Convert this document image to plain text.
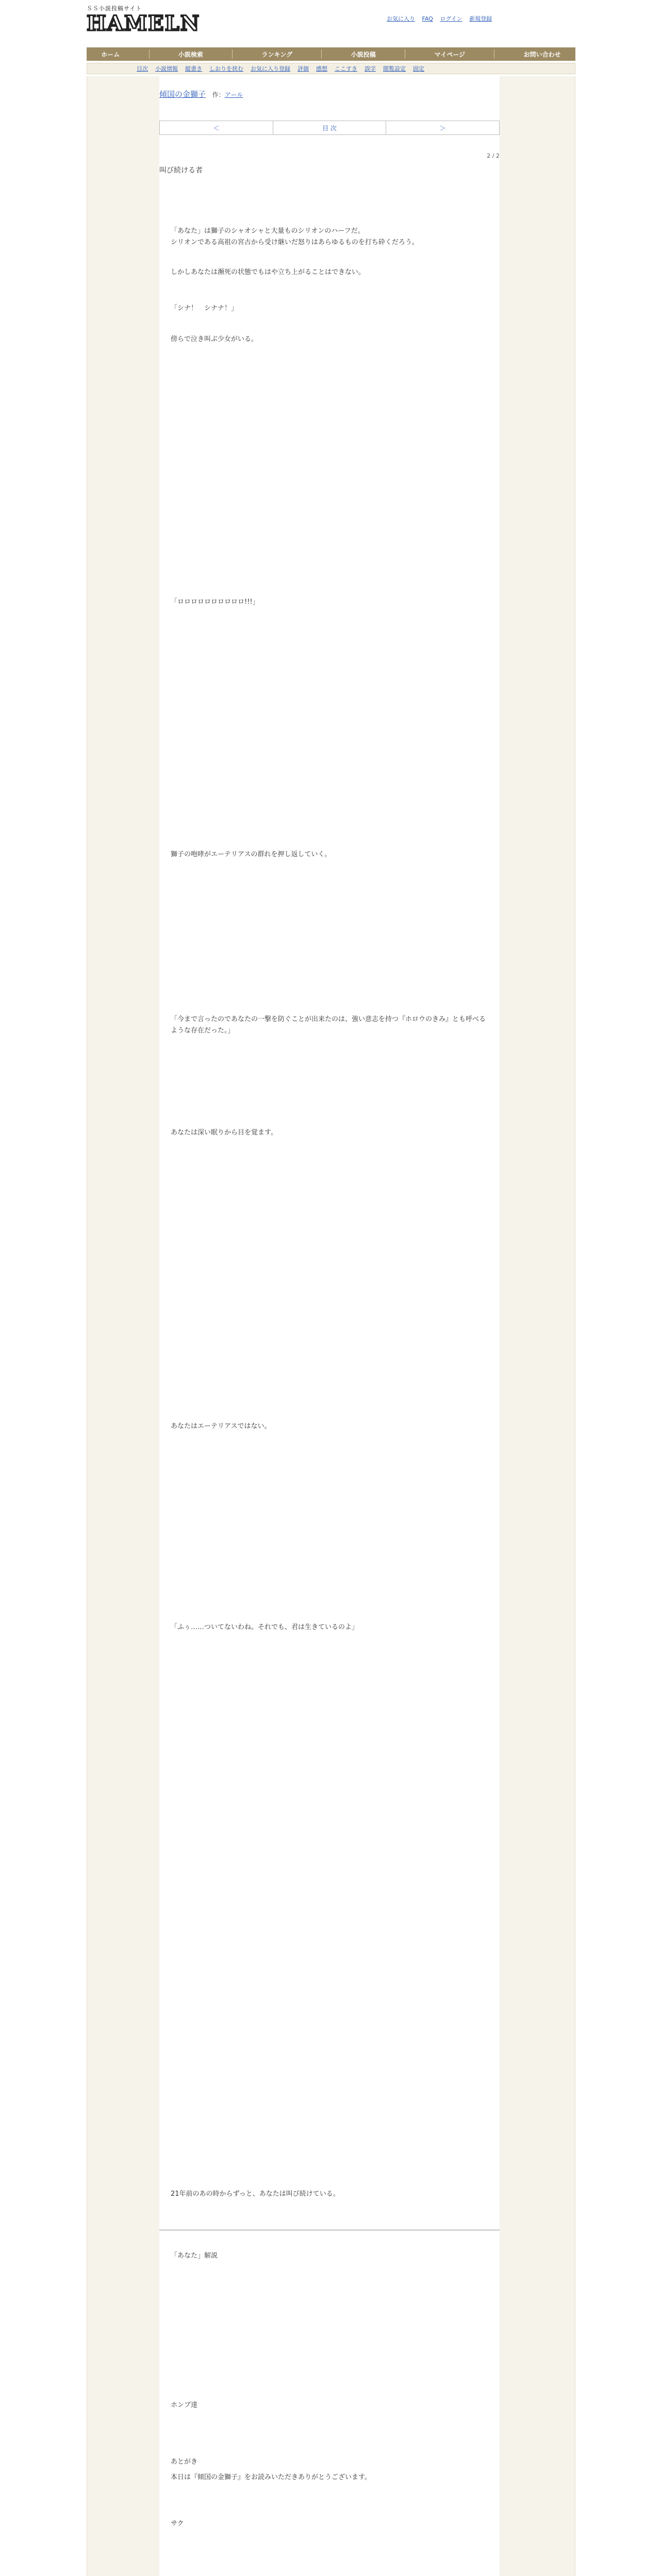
ＳＳ小説投稿サイト
HAMELN	お気に入り FAQ ログイン 新規登録
ホーム	小説検索	ランキング	小説投稿	マイページ	お問い合わせ
目次 小説情報 縦書き しおりを挟む お気に入り登録 評価 感想 ここすき 誤字 閲覧設定 固定
傾国の金獅子 作：アール
＜	目 次	＞
2 / 2
叫び続ける者
「あなた」は獅子のシャオシャと大量ものシリオンのハーフだ。
シリオンである高祖の宮古から受け継いだ怒りはあらゆるものを打ち砕くだろう。
しかしあなたは瀕死の状態でもはや立ち上がることはできない。
「シナ！　シナナ！」
傍らで泣き叫ぶ少女がいる。
「ロロロロロロロロロロ!!!」
獅子の咆哮がエーテリアスの群れを押し返していく。
「今まで言ったのであなたの一撃を防ぐことが出来たのは、強い意志を持つ『ホロウのきみ』とも呼べるような存在だった。」
あなたは深い眠りから目を覚ます。
あなたはエーテリアスではない。
「ふぅ……ついてないわね。それでも、君は生きているのよ」
21年前のあの時からずっと、あなたは叫び続けている。
「あなた」解説
ホンブ達
サク
あとがき
本日は『傾国の金獅子』をお読みいただきありがとうございます。
